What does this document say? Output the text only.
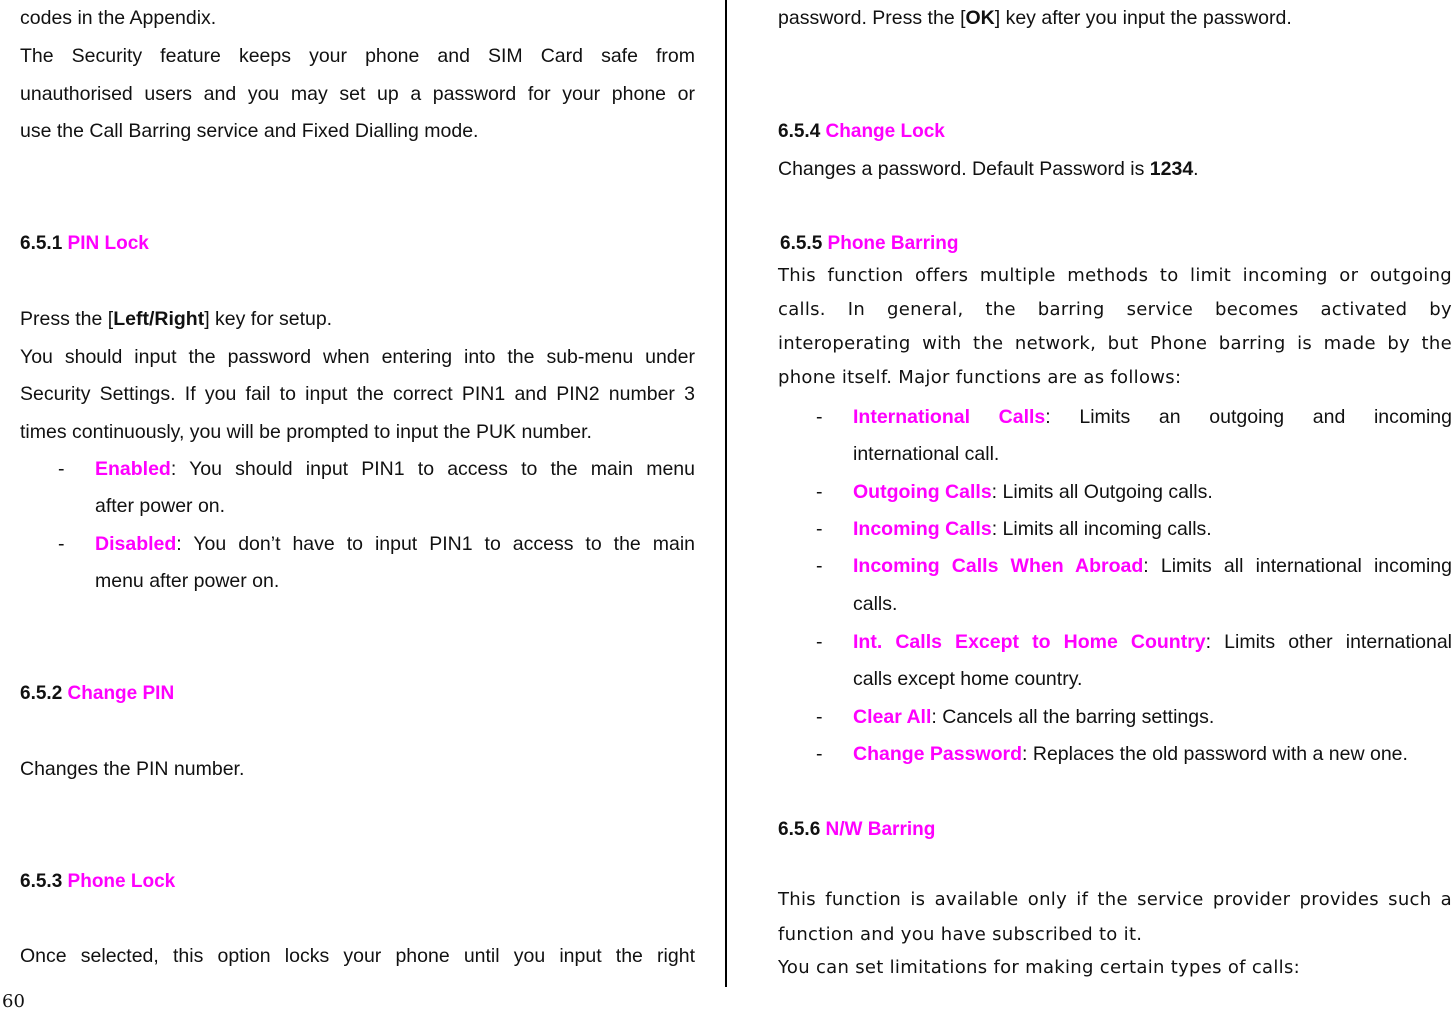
codes in the Appendix.
The Security feature keeps your phone and SIM Card safe from
unauthorised users and you may set up a password for your phone or
use the Call Barring service and Fixed Dialling mode.
6.5.1 PIN Lock
Press the [Left/Right] key for setup.
You should input the password when entering into the sub-menu under
Security Settings. If you fail to input the correct PIN1 and PIN2 number 3
times continuously, you will be prompted to input the PUK number.
-	Enabled: You should input PIN1 to access to the main menu
after power on.
-	Disabled: You don’t have to input PIN1 to access to the main
menu after power on.
6.5.2 Change PIN
Changes the PIN number.
6.5.3 Phone Lock
Once selected, this option locks your phone until you input the right
password. Press the [OK] key after you input the password.
6.5.4 Change Lock
Changes a password. Default Password is 1234.
6.5.5 Phone Barring
This function offers multiple methods to limit incoming or outgoing
calls. In general, the barring service becomes activated by
interoperating with the network, but Phone barring is made by the
phone itself. Major functions are as follows:
-	International Calls: Limits an outgoing and incoming
international call.
-	Outgoing Calls: Limits all Outgoing calls.
-	Incoming Calls: Limits all incoming calls.
-	Incoming Calls When Abroad: Limits all international incoming
calls.
-	Int. Calls Except to Home Country: Limits other international
calls except home country.
-	Clear All: Cancels all the barring settings.
-	Change Password: Replaces the old password with a new one.
6.5.6 N/W Barring
This function is available only if the service provider provides such a
function and you have subscribed to it.
You can set limitations for making certain types of calls:
60
